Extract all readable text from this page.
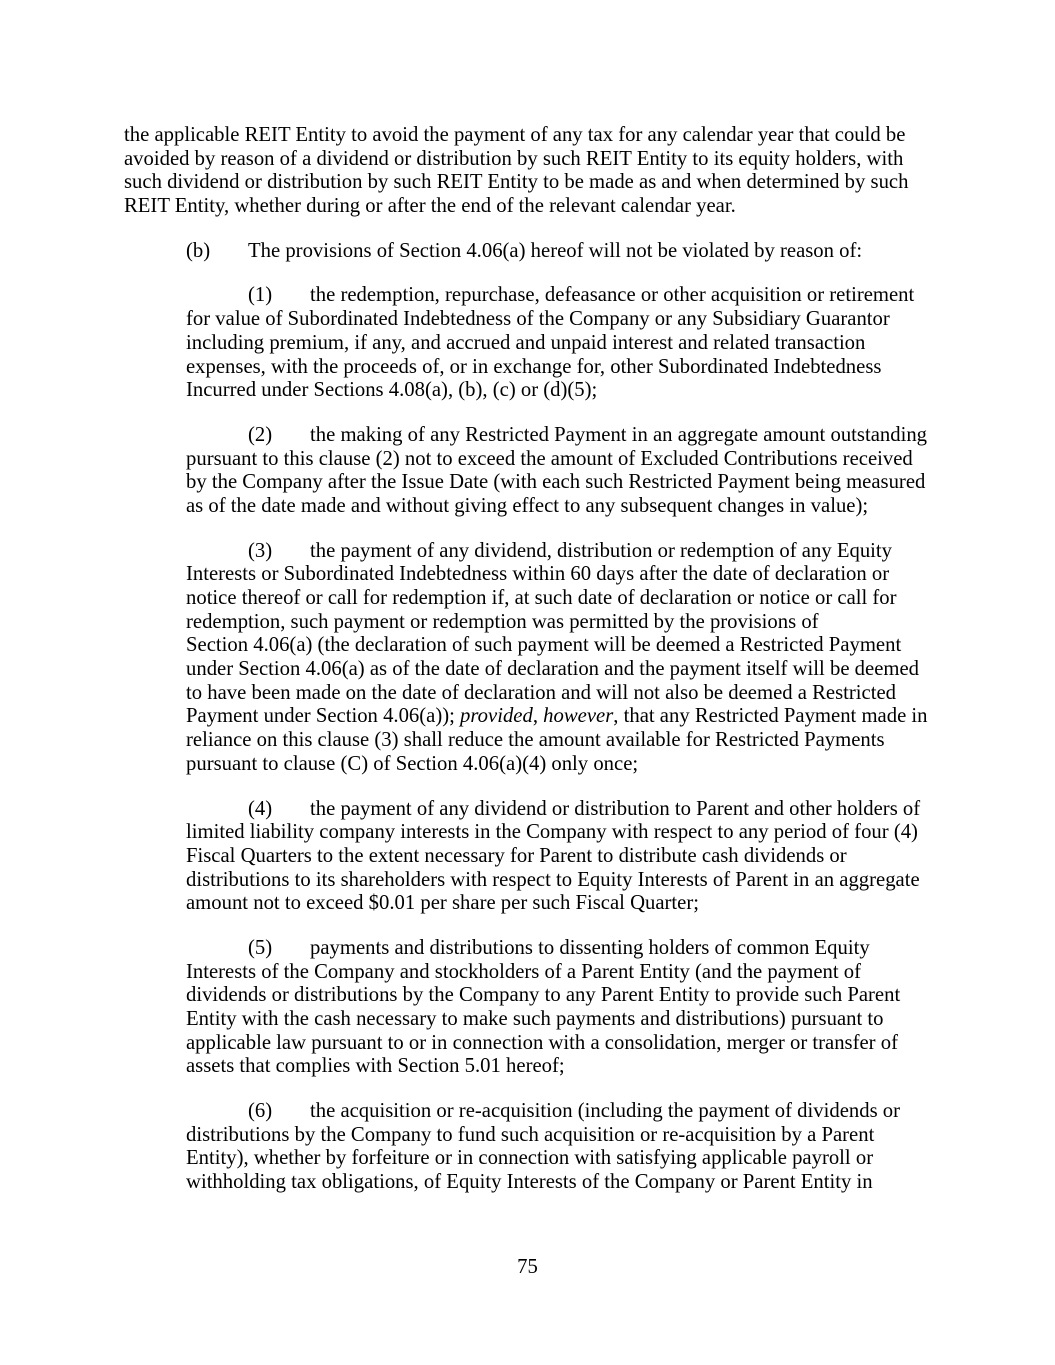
the applicable REIT Entity to avoid the payment of any tax for any calendar year that could be
avoided by reason of a dividend or distribution by such REIT Entity to its equity holders, with
such dividend or distribution by such REIT Entity to be made as and when determined by such
REIT Entity, whether during or after the end of the relevant calendar year.
(b) The provisions of Section 4.06(a) hereof will not be violated by reason of:
(1) the redemption, repurchase, defeasance or other acquisition or retirement
for value of Subordinated Indebtedness of the Company or any Subsidiary Guarantor
including premium, if any, and accrued and unpaid interest and related transaction
expenses, with the proceeds of, or in exchange for, other Subordinated Indebtedness
Incurred under Sections 4.08(a), (b), (c) or (d)(5);
(2) the making of any Restricted Payment in an aggregate amount outstanding
pursuant to this clause (2) not to exceed the amount of Excluded Contributions received
by the Company after the Issue Date (with each such Restricted Payment being measured
as of the date made and without giving effect to any subsequent changes in value);
(3) the payment of any dividend, distribution or redemption of any Equity
Interests or Subordinated Indebtedness within 60 days after the date of declaration or
notice thereof or call for redemption if, at such date of declaration or notice or call for
redemption, such payment or redemption was permitted by the provisions of
Section 4.06(a) (the declaration of such payment will be deemed a Restricted Payment
under Section 4.06(a) as of the date of declaration and the payment itself will be deemed
to have been made on the date of declaration and will not also be deemed a Restricted
Payment under Section 4.06(a)); provided, however, that any Restricted Payment made in
reliance on this clause (3) shall reduce the amount available for Restricted Payments
pursuant to clause (C) of Section 4.06(a)(4) only once;
(4) the payment of any dividend or distribution to Parent and other holders of
limited liability company interests in the Company with respect to any period of four (4)
Fiscal Quarters to the extent necessary for Parent to distribute cash dividends or
distributions to its shareholders with respect to Equity Interests of Parent in an aggregate
amount not to exceed $0.01 per share per such Fiscal Quarter;
(5) payments and distributions to dissenting holders of common Equity
Interests of the Company and stockholders of a Parent Entity (and the payment of
dividends or distributions by the Company to any Parent Entity to provide such Parent
Entity with the cash necessary to make such payments and distributions) pursuant to
applicable law pursuant to or in connection with a consolidation, merger or transfer of
assets that complies with Section 5.01 hereof;
(6) the acquisition or re-acquisition (including the payment of dividends or
distributions by the Company to fund such acquisition or re-acquisition by a Parent
Entity), whether by forfeiture or in connection with satisfying applicable payroll or
withholding tax obligations, of Equity Interests of the Company or Parent Entity in
75
